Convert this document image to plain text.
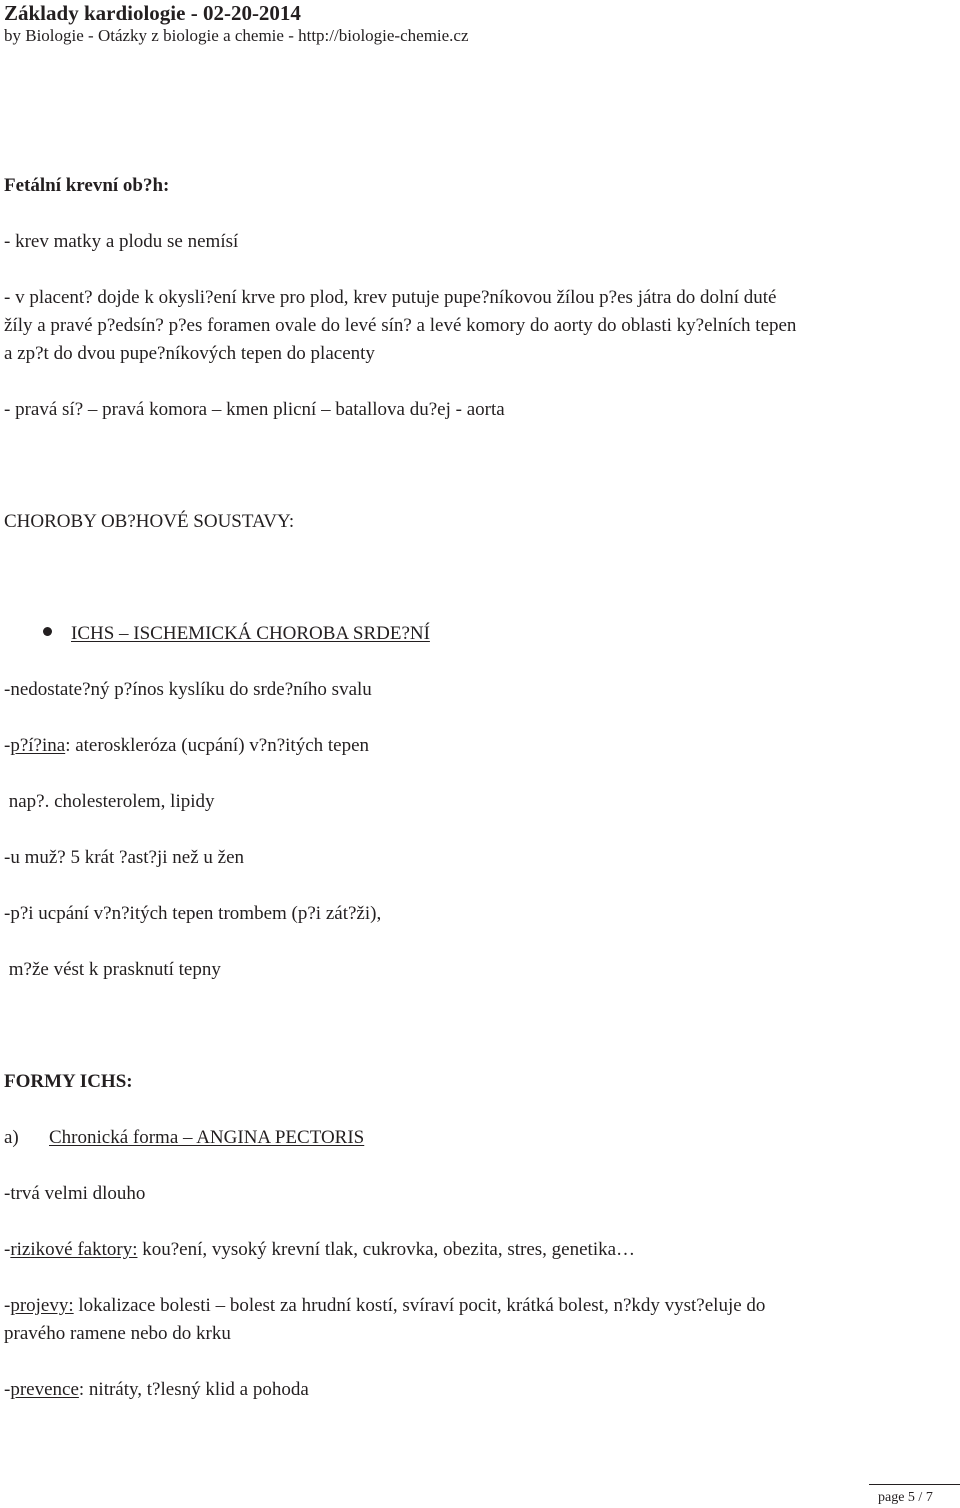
Základy kardiologie - 02-20-2014
by Biologie - Otázky z biologie a chemie - http://biologie-chemie.cz
Fetální krevní ob?h:
- krev matky a plodu se nemísí
- v placent? dojde k okysli?ení krve pro plod, krev putuje pupe?níkovou žílou p?es játra do dolní duté
žíly a pravé p?edsín? p?es foramen ovale do levé sín? a levé komory do aorty do oblasti ky?elních tepen
a zp?t do dvou pupe?níkových tepen do placenty
- pravá sí? – pravá komora – kmen plicní – batallova du?ej - aorta
CHOROBY OB?HOVÉ SOUSTAVY:
ICHS – ISCHEMICKÁ CHOROBA SRDE?NÍ
-nedostate?ný p?ínos kyslíku do srde?ního svalu
-p?í?ina: ateroskleróza (ucpání) v?n?itých tepen
nap?. cholesterolem, lipidy
-u muž? 5 krát ?ast?ji než u žen
-p?i ucpání v?n?itých tepen trombem (p?i zát?ži),
m?že vést k prasknutí tepny
FORMY ICHS:
a) Chronická forma – ANGINA PECTORIS
-trvá velmi dlouho
-rizikové faktory: kou?ení, vysoký krevní tlak, cukrovka, obezita, stres, genetika…
-projevy: lokalizace bolesti – bolest za hrudní kostí, svíraví pocit, krátká bolest, n?kdy vyst?eluje do
pravého ramene nebo do krku
-prevence: nitráty, t?lesný klid a pohoda
page 5 / 7
